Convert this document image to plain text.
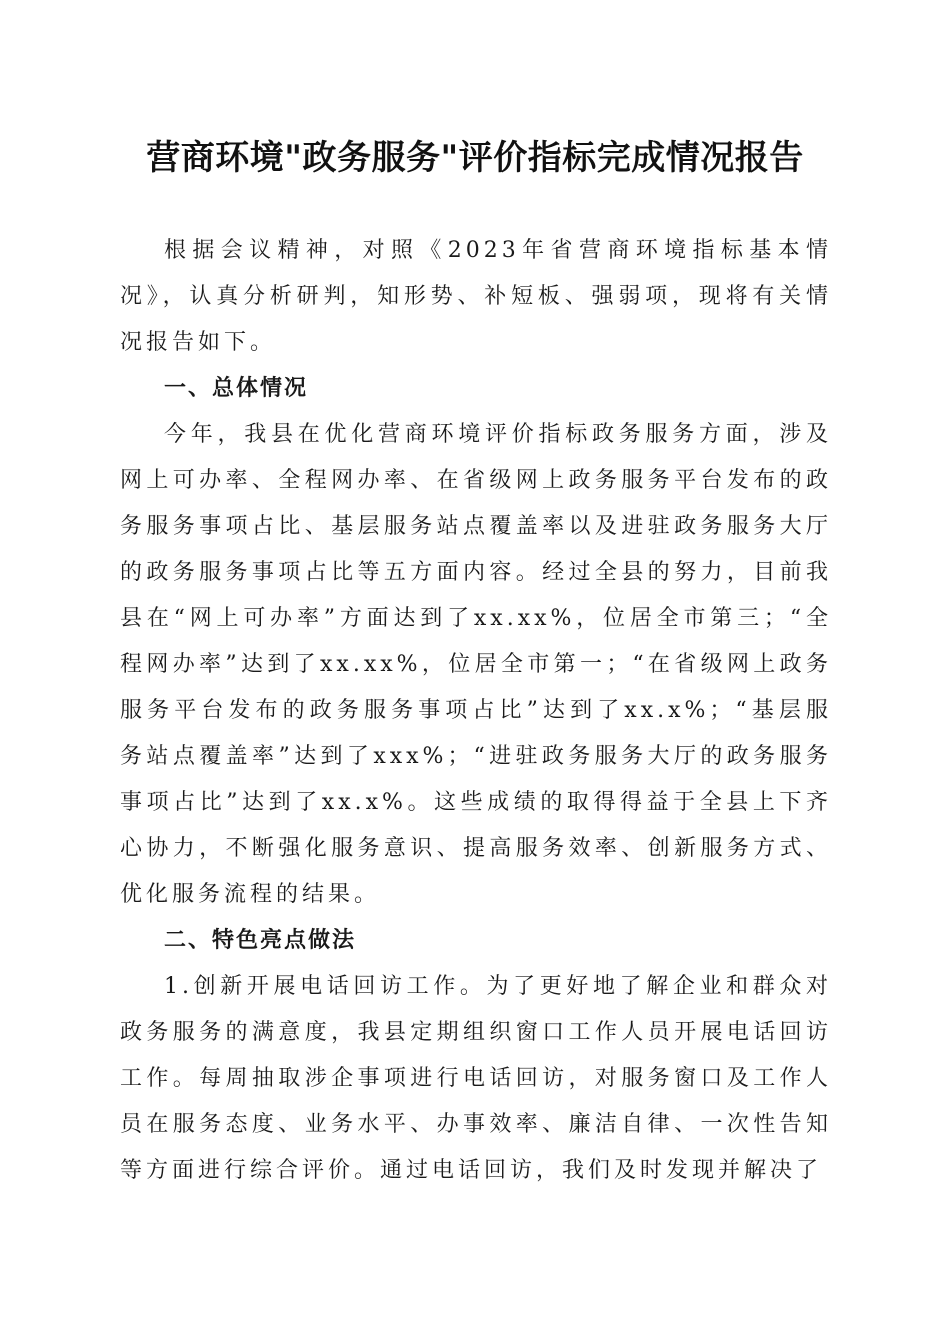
营商环境"政务服务"评价指标完成情况报告

根据会议精神，对照《2023年省营商环境指标基本情况》，认真分析研判，知形势、补短板、强弱项，现将有关情况报告如下。

一、总体情况

今年，我县在优化营商环境评价指标政务服务方面，涉及网上可办率、全程网办率、在省级网上政务服务平台发布的政务服务事项占比、基层服务站点覆盖率以及进驻政务服务大厅的政务服务事项占比等五方面内容。经过全县的努力，目前我县在“网上可办率”方面达到了xx.xx%，位居全市第三；“全程网办率”达到了xx.xx%，位居全市第一；“在省级网上政务服务平台发布的政务服务事项占比”达到了xx.x%；“基层服务站点覆盖率”达到了xxx%；“进驻政务服务大厅的政务服务事项占比”达到了xx.x%。这些成绩的取得得益于全县上下齐心协力，不断强化服务意识、提高服务效率、创新服务方式、优化服务流程的结果。

二、特色亮点做法

1.创新开展电话回访工作。为了更好地了解企业和群众对政务服务的满意度，我县定期组织窗口工作人员开展电话回访工作。每周抽取涉企事项进行电话回访，对服务窗口及工作人员在服务态度、业务水平、办事效率、廉洁自律、一次性告知等方面进行综合评价。通过电话回访，我们及时发现并解决了
